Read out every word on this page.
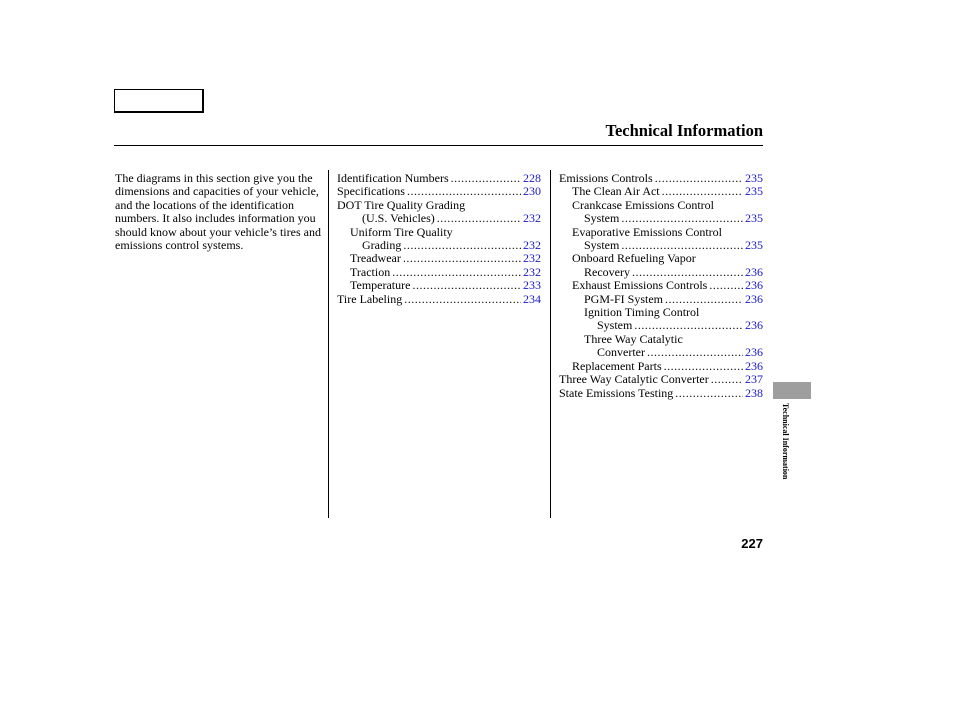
Technical Information
The diagrams in this section give you the dimensions and capacities of your vehicle, and the locations of the identification numbers. It also includes information you should know about your vehicle’s tires and emissions control systems.
Identification Numbers .....	228
Specifications .....	230
DOT Tire Quality Grading
(U.S. Vehicles) .....	232
Uniform Tire Quality
Grading .....	232
Treadwear .....	232
Traction .....	232
Temperature .....	233
Tire Labeling .....	234
Emissions Controls .....	235
The Clean Air Act .....	235
Crankcase Emissions Control
System .....	235
Evaporative Emissions Control
System .....	235
Onboard Refueling Vapor
Recovery .....	236
Exhaust Emissions Controls .....	236
PGM-FI System .....	236
Ignition Timing Control
System .....	236
Three Way Catalytic
Converter .....	236
Replacement Parts .....	236
Three Way Catalytic Converter .....	237
State Emissions Testing .....	238
Technical Information
227
